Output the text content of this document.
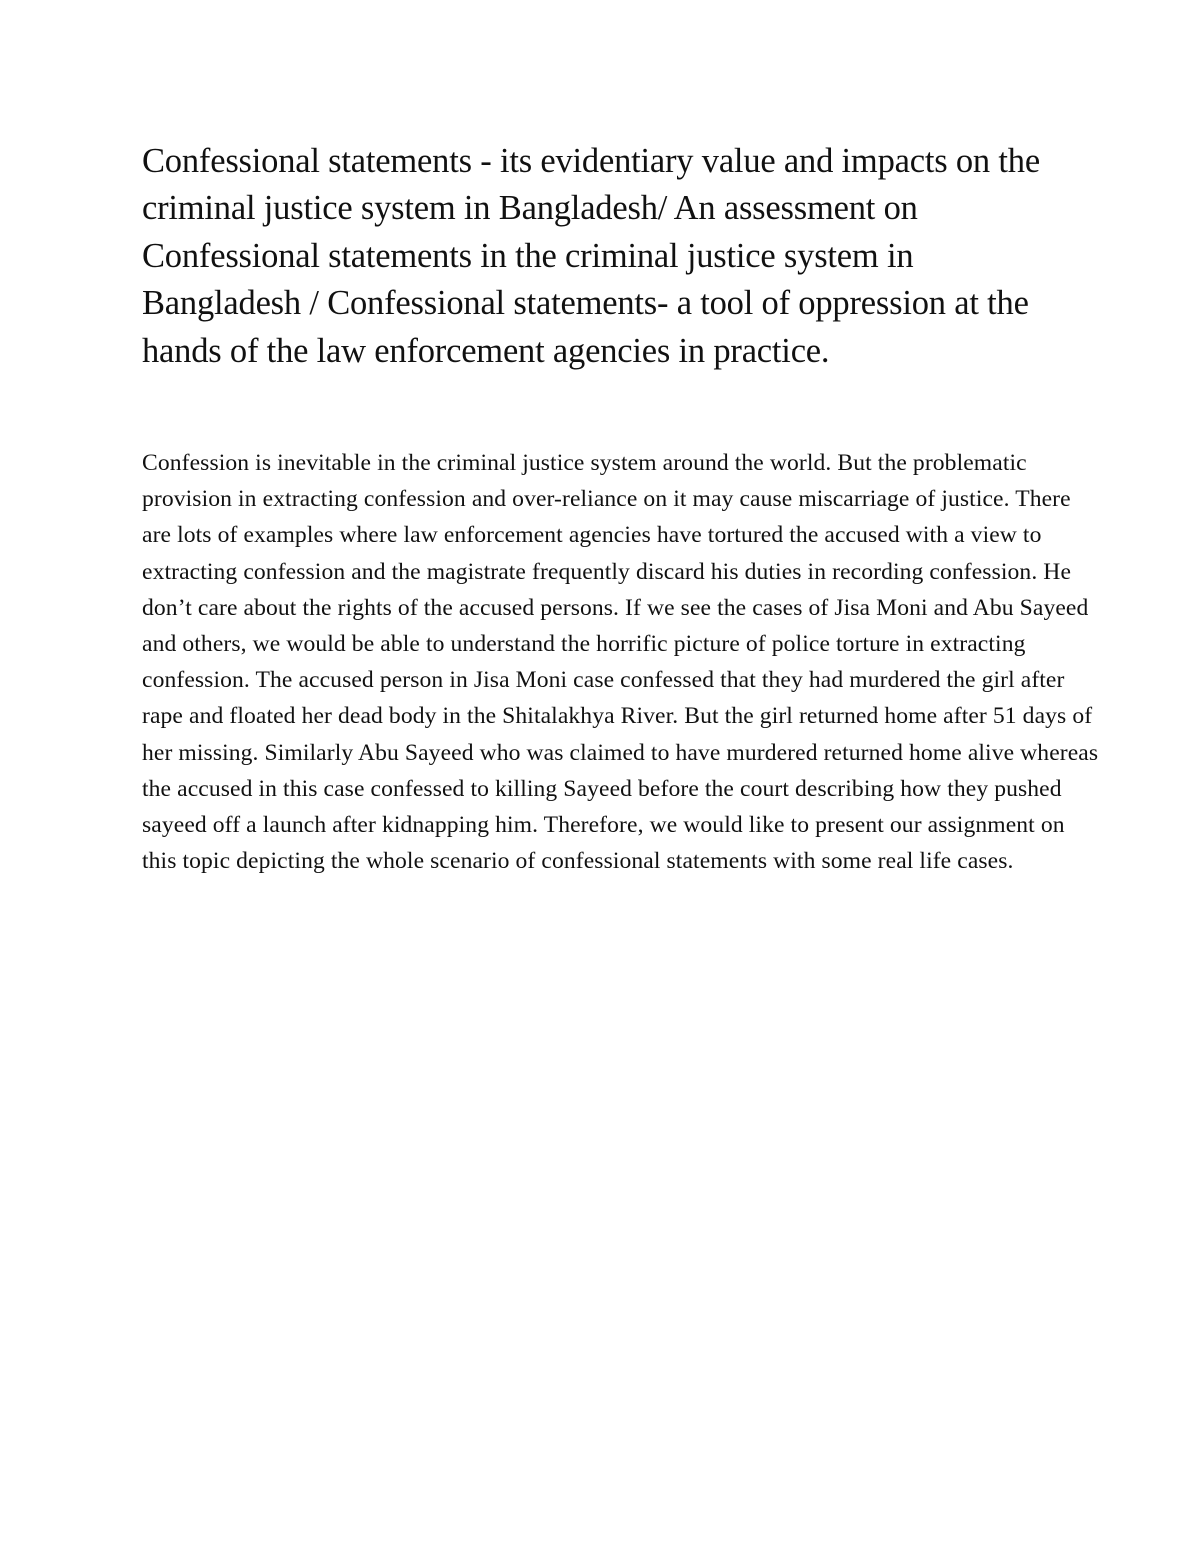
Confessional statements - its evidentiary value and impacts on the criminal justice system in Bangladesh/ An assessment on Confessional statements in the criminal justice system in Bangladesh / Confessional statements- a tool of oppression at the hands of the law enforcement agencies in practice.

Confession is inevitable in the criminal justice system around the world. But the problematic provision in extracting confession and over-reliance on it may cause miscarriage of justice. There are lots of examples where law enforcement agencies have tortured the accused with a view to extracting confession and the magistrate frequently discard his duties in recording confession. He don’t care about the rights of the accused persons. If we see the cases of Jisa Moni and Abu Sayeed and others, we would be able to understand the horrific picture of police torture in extracting confession. The accused person in Jisa Moni case confessed that they had murdered the girl after rape and floated her dead body in the Shitalakhya River. But the girl returned home after 51 days of her missing. Similarly Abu Sayeed who was claimed to have murdered returned home alive whereas the accused in this case confessed to killing Sayeed before the court describing how they pushed sayeed off a launch after kidnapping him. Therefore, we would like to present our assignment on this topic depicting the whole scenario of confessional statements with some real life cases.
